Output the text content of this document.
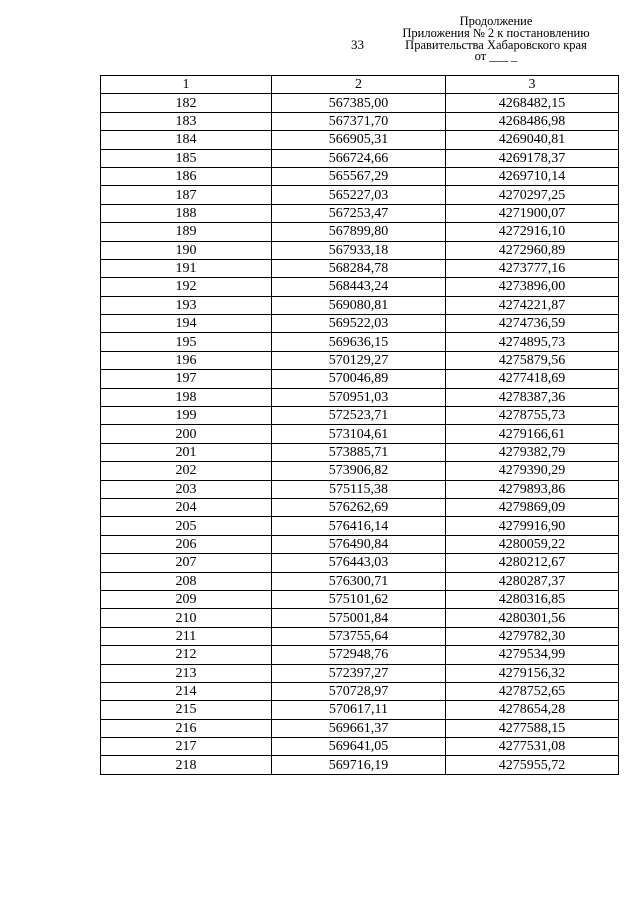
33
Продолжение
Приложения № 2 к постановлению
Правительства Хабаровского края
от ___ _
1	2	3
182	567385,00	4268482,15
183	567371,70	4268486,98
184	566905,31	4269040,81
185	566724,66	4269178,37
186	565567,29	4269710,14
187	565227,03	4270297,25
188	567253,47	4271900,07
189	567899,80	4272916,10
190	567933,18	4272960,89
191	568284,78	4273777,16
192	568443,24	4273896,00
193	569080,81	4274221,87
194	569522,03	4274736,59
195	569636,15	4274895,73
196	570129,27	4275879,56
197	570046,89	4277418,69
198	570951,03	4278387,36
199	572523,71	4278755,73
200	573104,61	4279166,61
201	573885,71	4279382,79
202	573906,82	4279390,29
203	575115,38	4279893,86
204	576262,69	4279869,09
205	576416,14	4279916,90
206	576490,84	4280059,22
207	576443,03	4280212,67
208	576300,71	4280287,37
209	575101,62	4280316,85
210	575001,84	4280301,56
211	573755,64	4279782,30
212	572948,76	4279534,99
213	572397,27	4279156,32
214	570728,97	4278752,65
215	570617,11	4278654,28
216	569661,37	4277588,15
217	569641,05	4277531,08
218	569716,19	4275955,72
